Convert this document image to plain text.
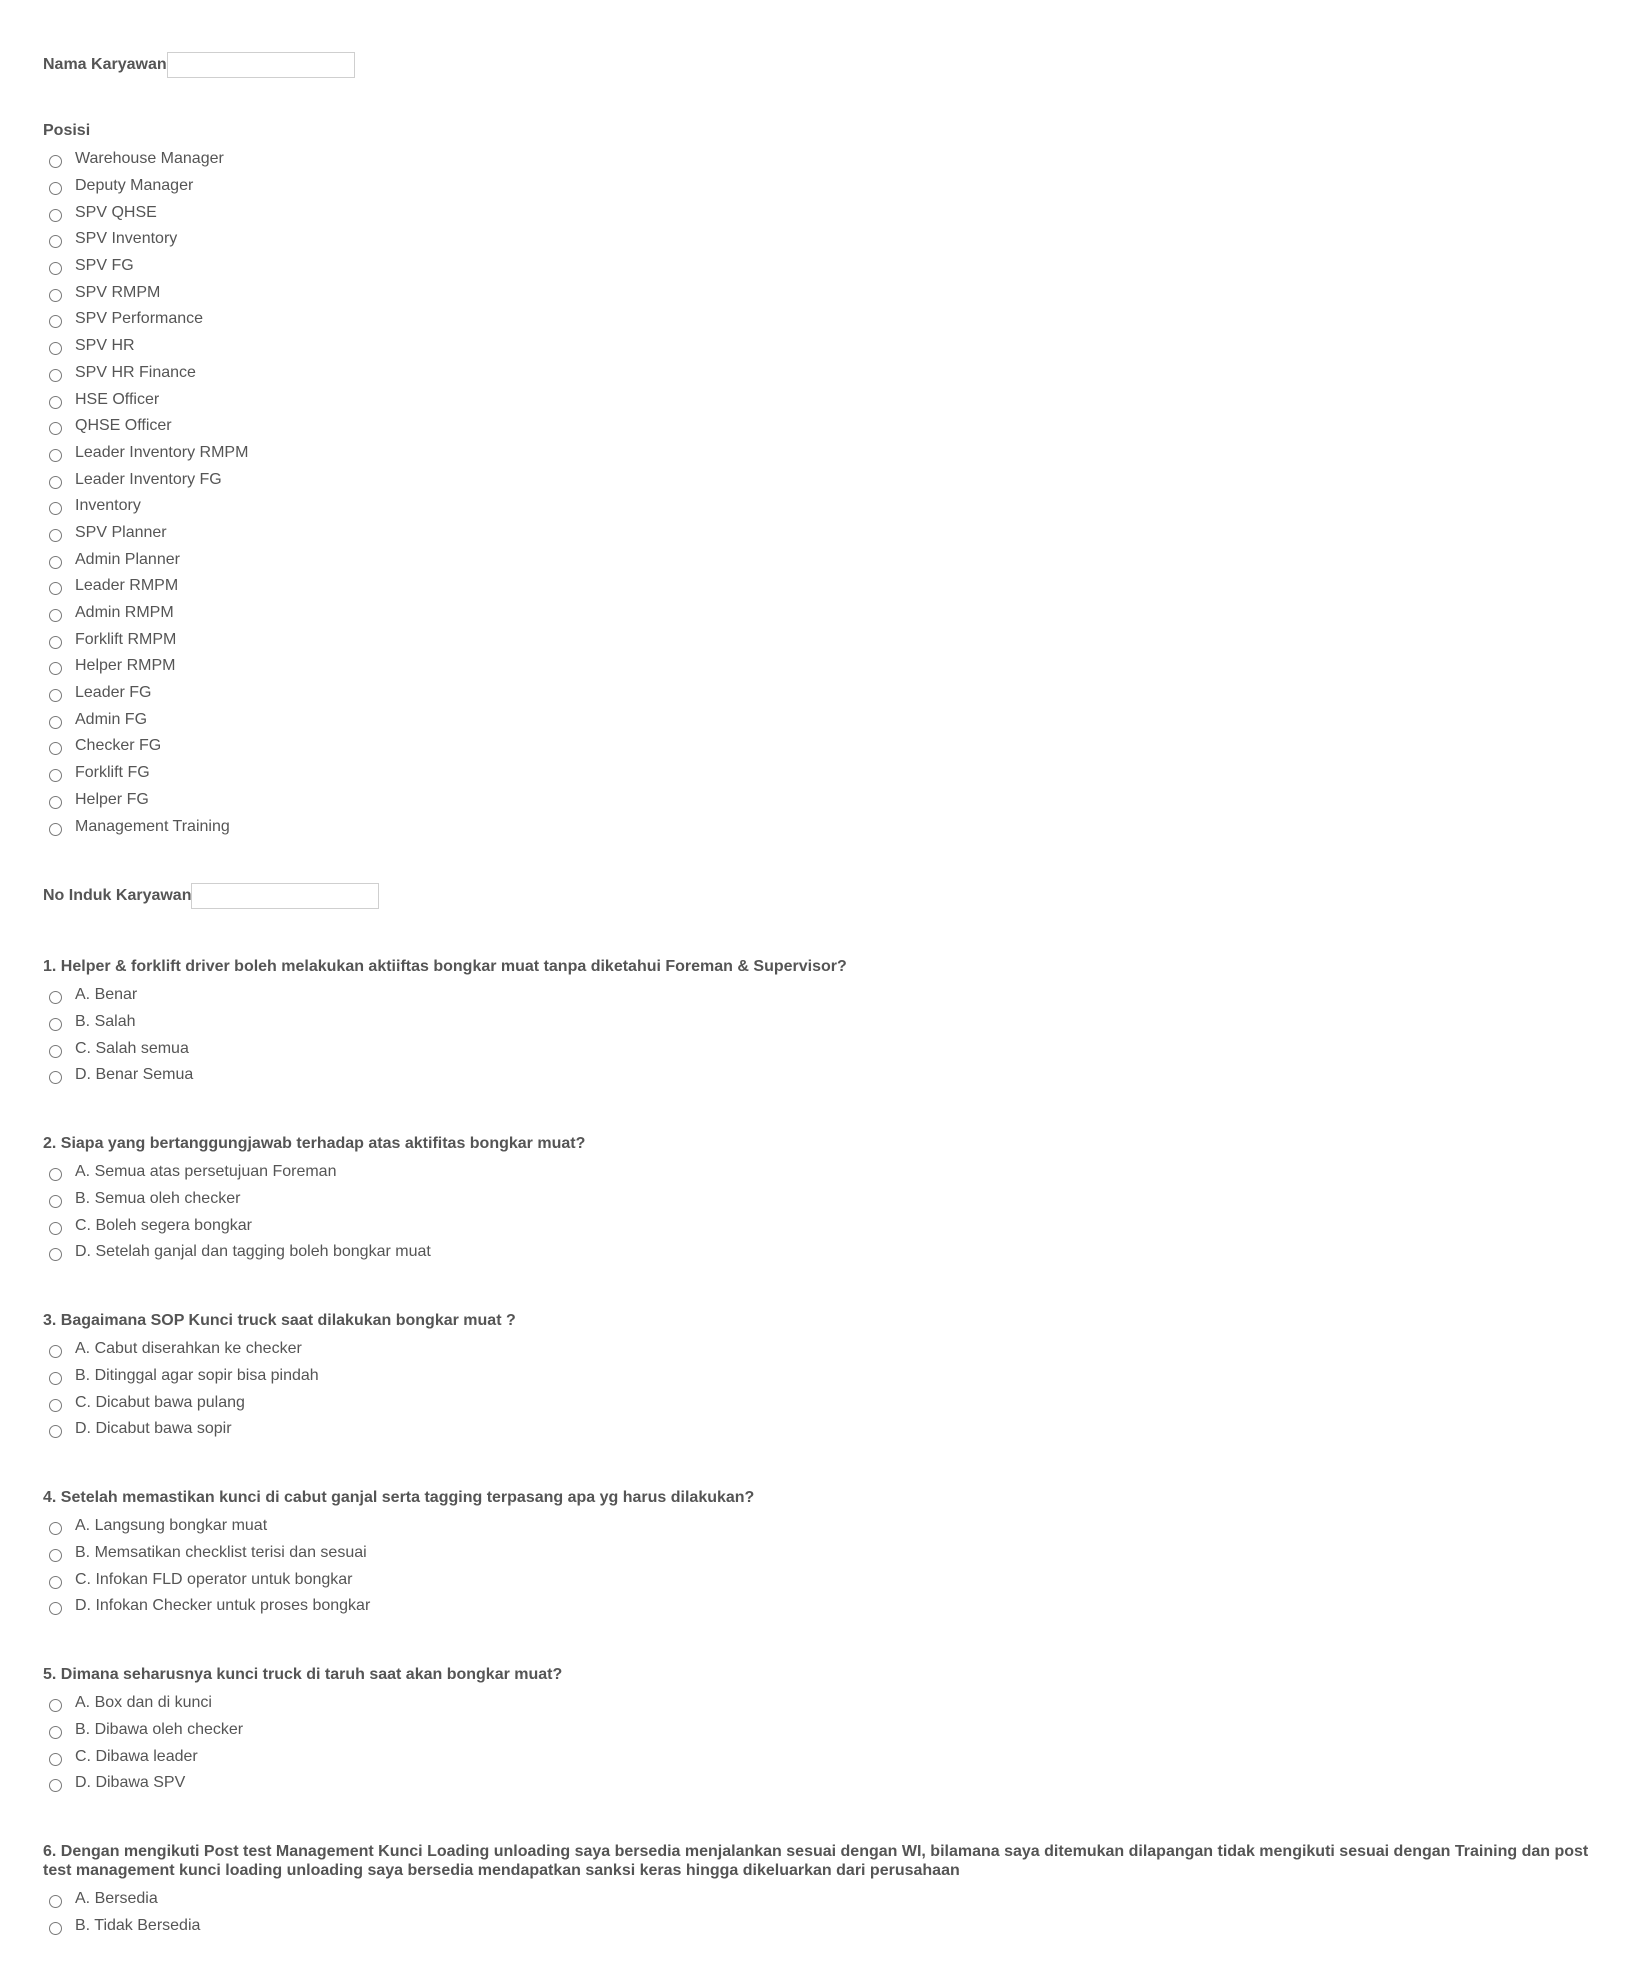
Nama Karyawan
Posisi
Warehouse Manager
Deputy Manager
SPV QHSE
SPV Inventory
SPV FG
SPV RMPM
SPV Performance
SPV HR
SPV HR Finance
HSE Officer
QHSE Officer
Leader Inventory RMPM
Leader Inventory FG
Inventory
SPV Planner
Admin Planner
Leader RMPM
Admin RMPM
Forklift RMPM
Helper RMPM
Leader FG
Admin FG
Checker FG
Forklift FG
Helper FG
Management Training
No Induk Karyawan

1. Helper & forklift driver boleh melakukan aktiiftas bongkar muat tanpa diketahui Foreman & Supervisor?

A. Benar
B. Salah
C. Salah semua
D. Benar Semua

2. Siapa yang bertanggungjawab terhadap atas aktifitas bongkar muat?

A. Semua atas persetujuan Foreman
B. Semua oleh checker
C. Boleh segera bongkar
D. Setelah ganjal dan tagging boleh bongkar muat

3. Bagaimana SOP Kunci truck saat dilakukan bongkar muat ?

A. Cabut diserahkan ke checker
B. Ditinggal agar sopir bisa pindah
C. Dicabut bawa pulang
D. Dicabut bawa sopir

4. Setelah memastikan kunci di cabut ganjal serta tagging terpasang apa yg harus dilakukan?

A. Langsung bongkar muat
B. Memsatikan checklist terisi dan sesuai
C. Infokan FLD operator untuk bongkar
D. Infokan Checker untuk proses bongkar

5. Dimana seharusnya kunci truck di taruh saat akan bongkar muat?

A. Box dan di kunci
B. Dibawa oleh checker
C. Dibawa leader
D. Dibawa SPV

6. Dengan mengikuti Post test Management Kunci Loading unloading saya bersedia menjalankan sesuai dengan WI, bilamana saya ditemukan dilapangan tidak mengikuti sesuai dengan Training dan post test management kunci loading unloading saya bersedia mendapatkan sanksi keras hingga dikeluarkan dari perusahaan

A. Bersedia
B. Tidak Bersedia
